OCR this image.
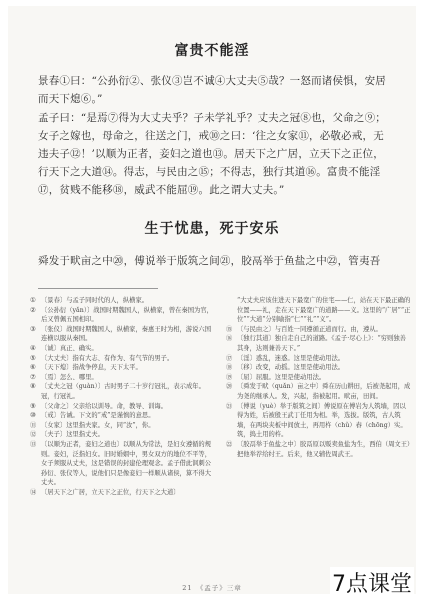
富贵不能淫
景春①曰：“公孙衍②、张仪③岂不诚④大丈夫⑤哉？一怒而诸侯惧，安居而天下熄⑥。”
孟子曰：“是焉⑦得为大丈夫乎？子未学礼乎？丈夫之冠⑧也，父命之⑨；女子之嫁也，母命之，往送之门，戒⑩之曰：‘往之女家⑪，必敬必戒，无违夫子⑫！’以顺为正者，妾妇之道也⑬。居天下之广居，立天下之正位，行天下之大道⑭。得志，与民由之⑮；不得志，独行其道⑯。富贵不能淫⑰，贫贱不能移⑱，威武不能屈⑲。此之谓大丈夫。”
生于忧患，死于安乐
舜发于畎亩之中⑳，傅说举于版筑之间㉑，胶鬲举于鱼盐之中㉒，管夷吾
① 〔景春〕与孟子同时代的人，纵横家。
② 〔公孙衍（yǎn）〕战国时期魏国人，纵横家，曾在秦国为官，后又曾佩五国相印。
③ 〔张仪〕战国时期魏国人，纵横家，秦惠王时为相，游说六国连横以服从秦国。
④ 〔诚〕真正、确实。
⑤ 〔大丈夫〕指有大志、有作为、有气节的男子。
⑥ 〔天下熄〕指战争停息，天下太平。
⑦ 〔焉〕怎么、哪里。
⑧ 〔丈夫之冠（guàn）〕古时男子二十岁行冠礼，表示成年。冠，行冠礼。
⑨ 〔父命之〕父亲给以训导。命，教导、训诲。
⑩ 〔戒〕告诫。下文的“戒”是谨慎的意思。
⑪ 〔女家〕这里指夫家。女，同“汝”，你。
⑫ 〔夫子〕这里指丈夫。
⑬ 〔以顺为正者，妾妇之道也〕以顺从为常法，是妇女遵循的规则。妾妇，泛指妇女。旧时婚姻中，男女双方的地位不平等，女子须服从丈夫，这是错误的封建伦理观念。孟子借此讽刺公孙衍、张仪等人，说他们只是像妾妇一样顺从诸侯，算不得大丈夫。
⑭ 〔居天下之广居，立天下之正位，行天下之大道〕
“大丈夫应该住进天下最宽广的住宅——仁，站在天下最正确的位置——礼，走在天下最宽广的道路——义。这里的“广居”“正位”“大道”分别喻指“仁”“礼”“义”。
⑮ 〔与民由之〕与百姓一同遵循正道而行。由，遵从。
⑯ 〔独行其道〕独自走自己的道路。《孟子·尽心上》：“穷则独善其身，达则兼善天下。”
⑰ 〔淫〕惑乱，迷惑。这里是使动用法。
⑱ 〔移〕改变，动摇。这里是使动用法。
⑲ 〔屈〕屈服。这里是使动用法。
⑳ 〔舜发于畎（quǎn）亩之中〕舜在历山耕田，后被尧起用，成为尧的继承人。发，兴起，指被起用。畎亩，田间。
㉑ 〔傅说（yuè）举于版筑之间〕傅说原在傅岩为人筑墙，因以得为姓，后被殷王武丁任用为相。举，选拔。版筑，古人筑墙，在两块夹板中间放土，再用杵（chǔ）舂（chōng）实。筑，捣土用的杵。
㉒ 〔胶鬲举于鱼盐之中〕胶鬲原以贩卖鱼盐为生，西伯（周文王）把他举荐给纣王。后来，他又辅佐周武王。
21　《孟子》三章	7点课堂
